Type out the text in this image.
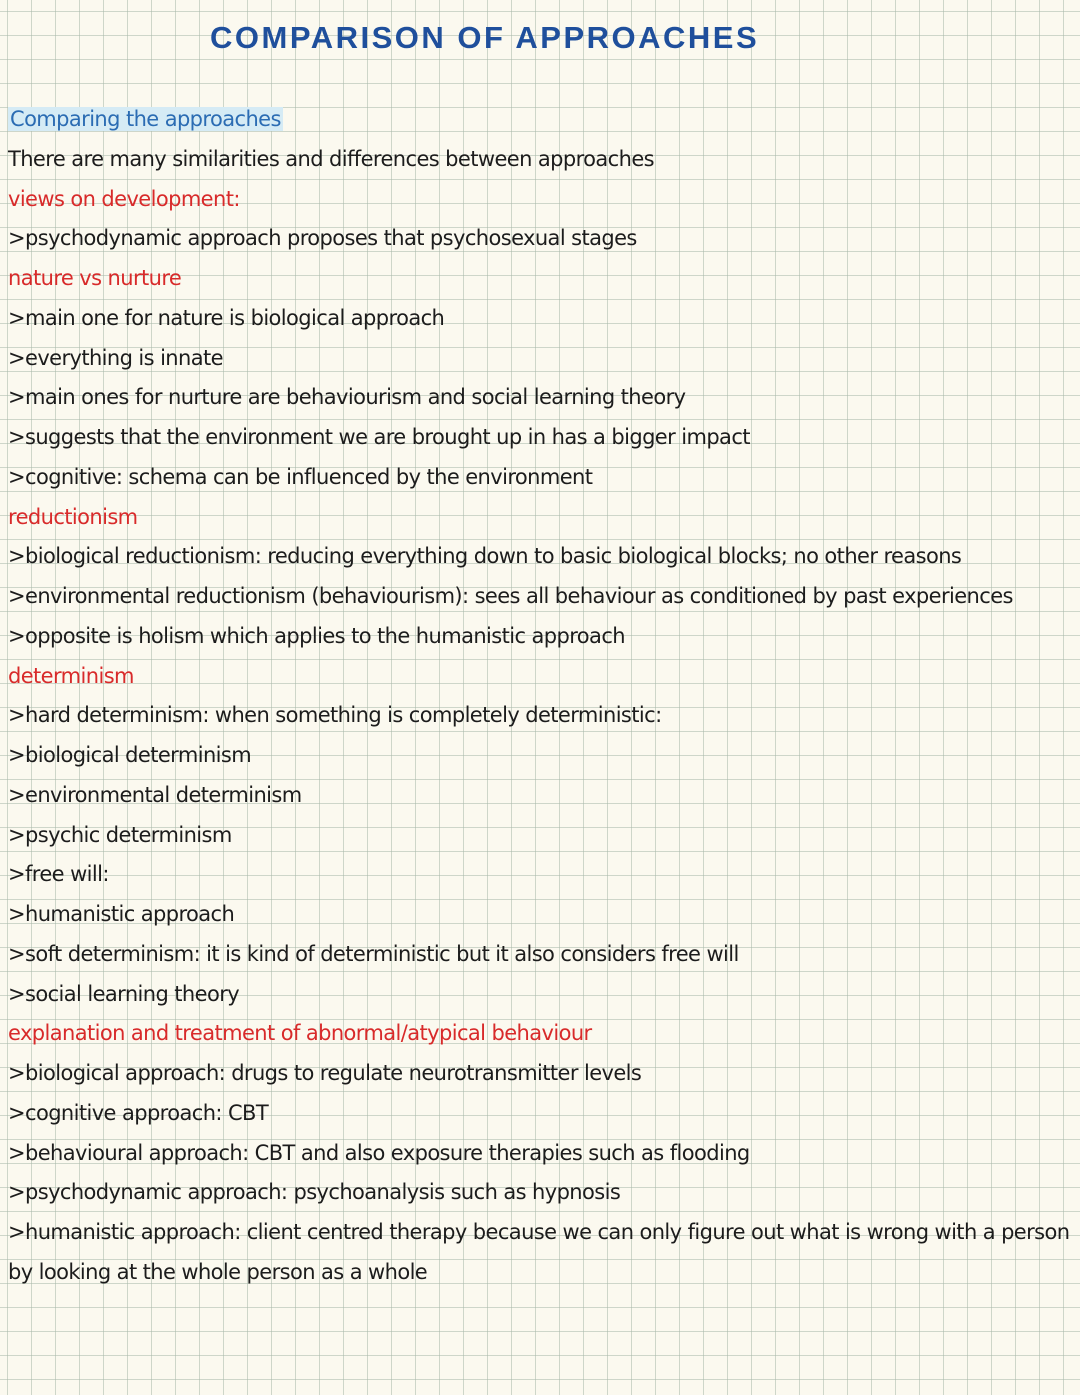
COMPARISON OF APPROACHES
Comparing the approaches
There are many similarities and differences between approaches
views on development:
>psychodynamic approach proposes that psychosexual stages
nature vs nurture
>main one for nature is biological approach
>everything is innate
>main ones for nurture are behaviourism and social learning theory
>suggests that the environment we are brought up in has a bigger impact
>cognitive: schema can be influenced by the environment
reductionism
>biological reductionism: reducing everything down to basic biological blocks; no other reasons
>environmental reductionism (behaviourism): sees all behaviour as conditioned by past experiences
>opposite is holism which applies to the humanistic approach
determinism
>hard determinism: when something is completely deterministic:
>biological determinism
>environmental determinism
>psychic determinism
>free will:
>humanistic approach
>soft determinism: it is kind of deterministic but it also considers free will
>social learning theory
explanation and treatment of abnormal/atypical behaviour
>biological approach: drugs to regulate neurotransmitter levels
>cognitive approach: CBT
>behavioural approach: CBT and also exposure therapies such as flooding
>psychodynamic approach: psychoanalysis such as hypnosis
>humanistic approach: client centred therapy because we can only figure out what is wrong with a person by looking at the whole person as a whole
